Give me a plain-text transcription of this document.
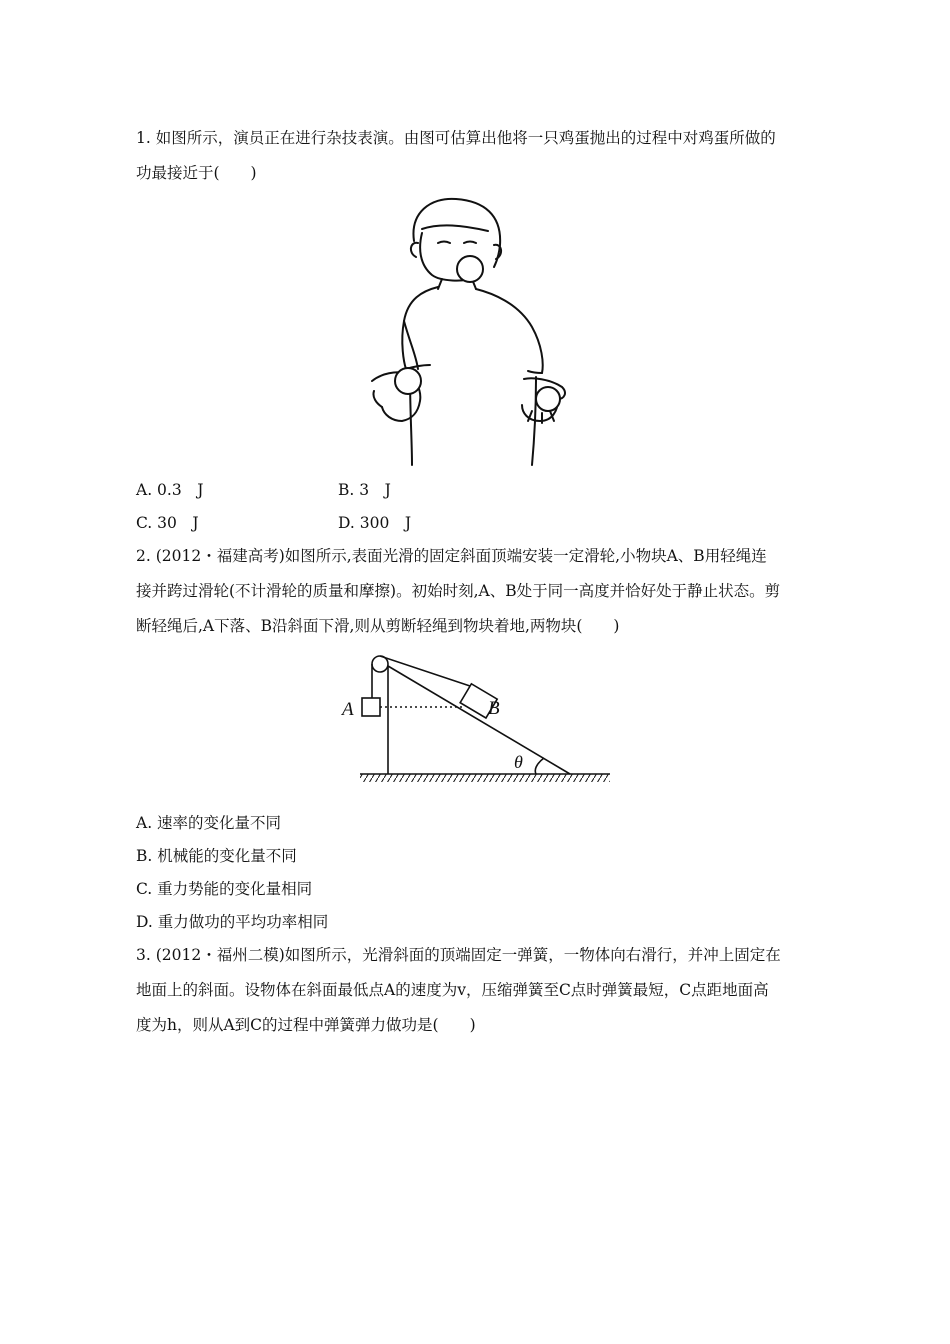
1. 如图所示，演员正在进行杂技表演。由图可估算出他将一只鸡蛋抛出的过程中对鸡蛋所做的
功最接近于(　　)
A. 0.3　J	B. 3　J
C. 30　J	D. 300　J
2. (2012・福建高考)如图所示,表面光滑的固定斜面顶端安装一定滑轮,小物块A、B用轻绳连
接并跨过滑轮(不计滑轮的质量和摩擦)。初始时刻,A、B处于同一高度并恰好处于静止状态。剪
断轻绳后,A下落、B沿斜面下滑,则从剪断轻绳到物块着地,两物块(　　)
A	B
θ
A. 速率的变化量不同
B. 机械能的变化量不同
C. 重力势能的变化量相同
D. 重力做功的平均功率相同
3. (2012・福州二模)如图所示，光滑斜面的顶端固定一弹簧，一物体向右滑行，并冲上固定在
地面上的斜面。设物体在斜面最低点A的速度为v，压缩弹簧至C点时弹簧最短，C点距地面高
度为h，则从A到C的过程中弹簧弹力做功是(　　)
